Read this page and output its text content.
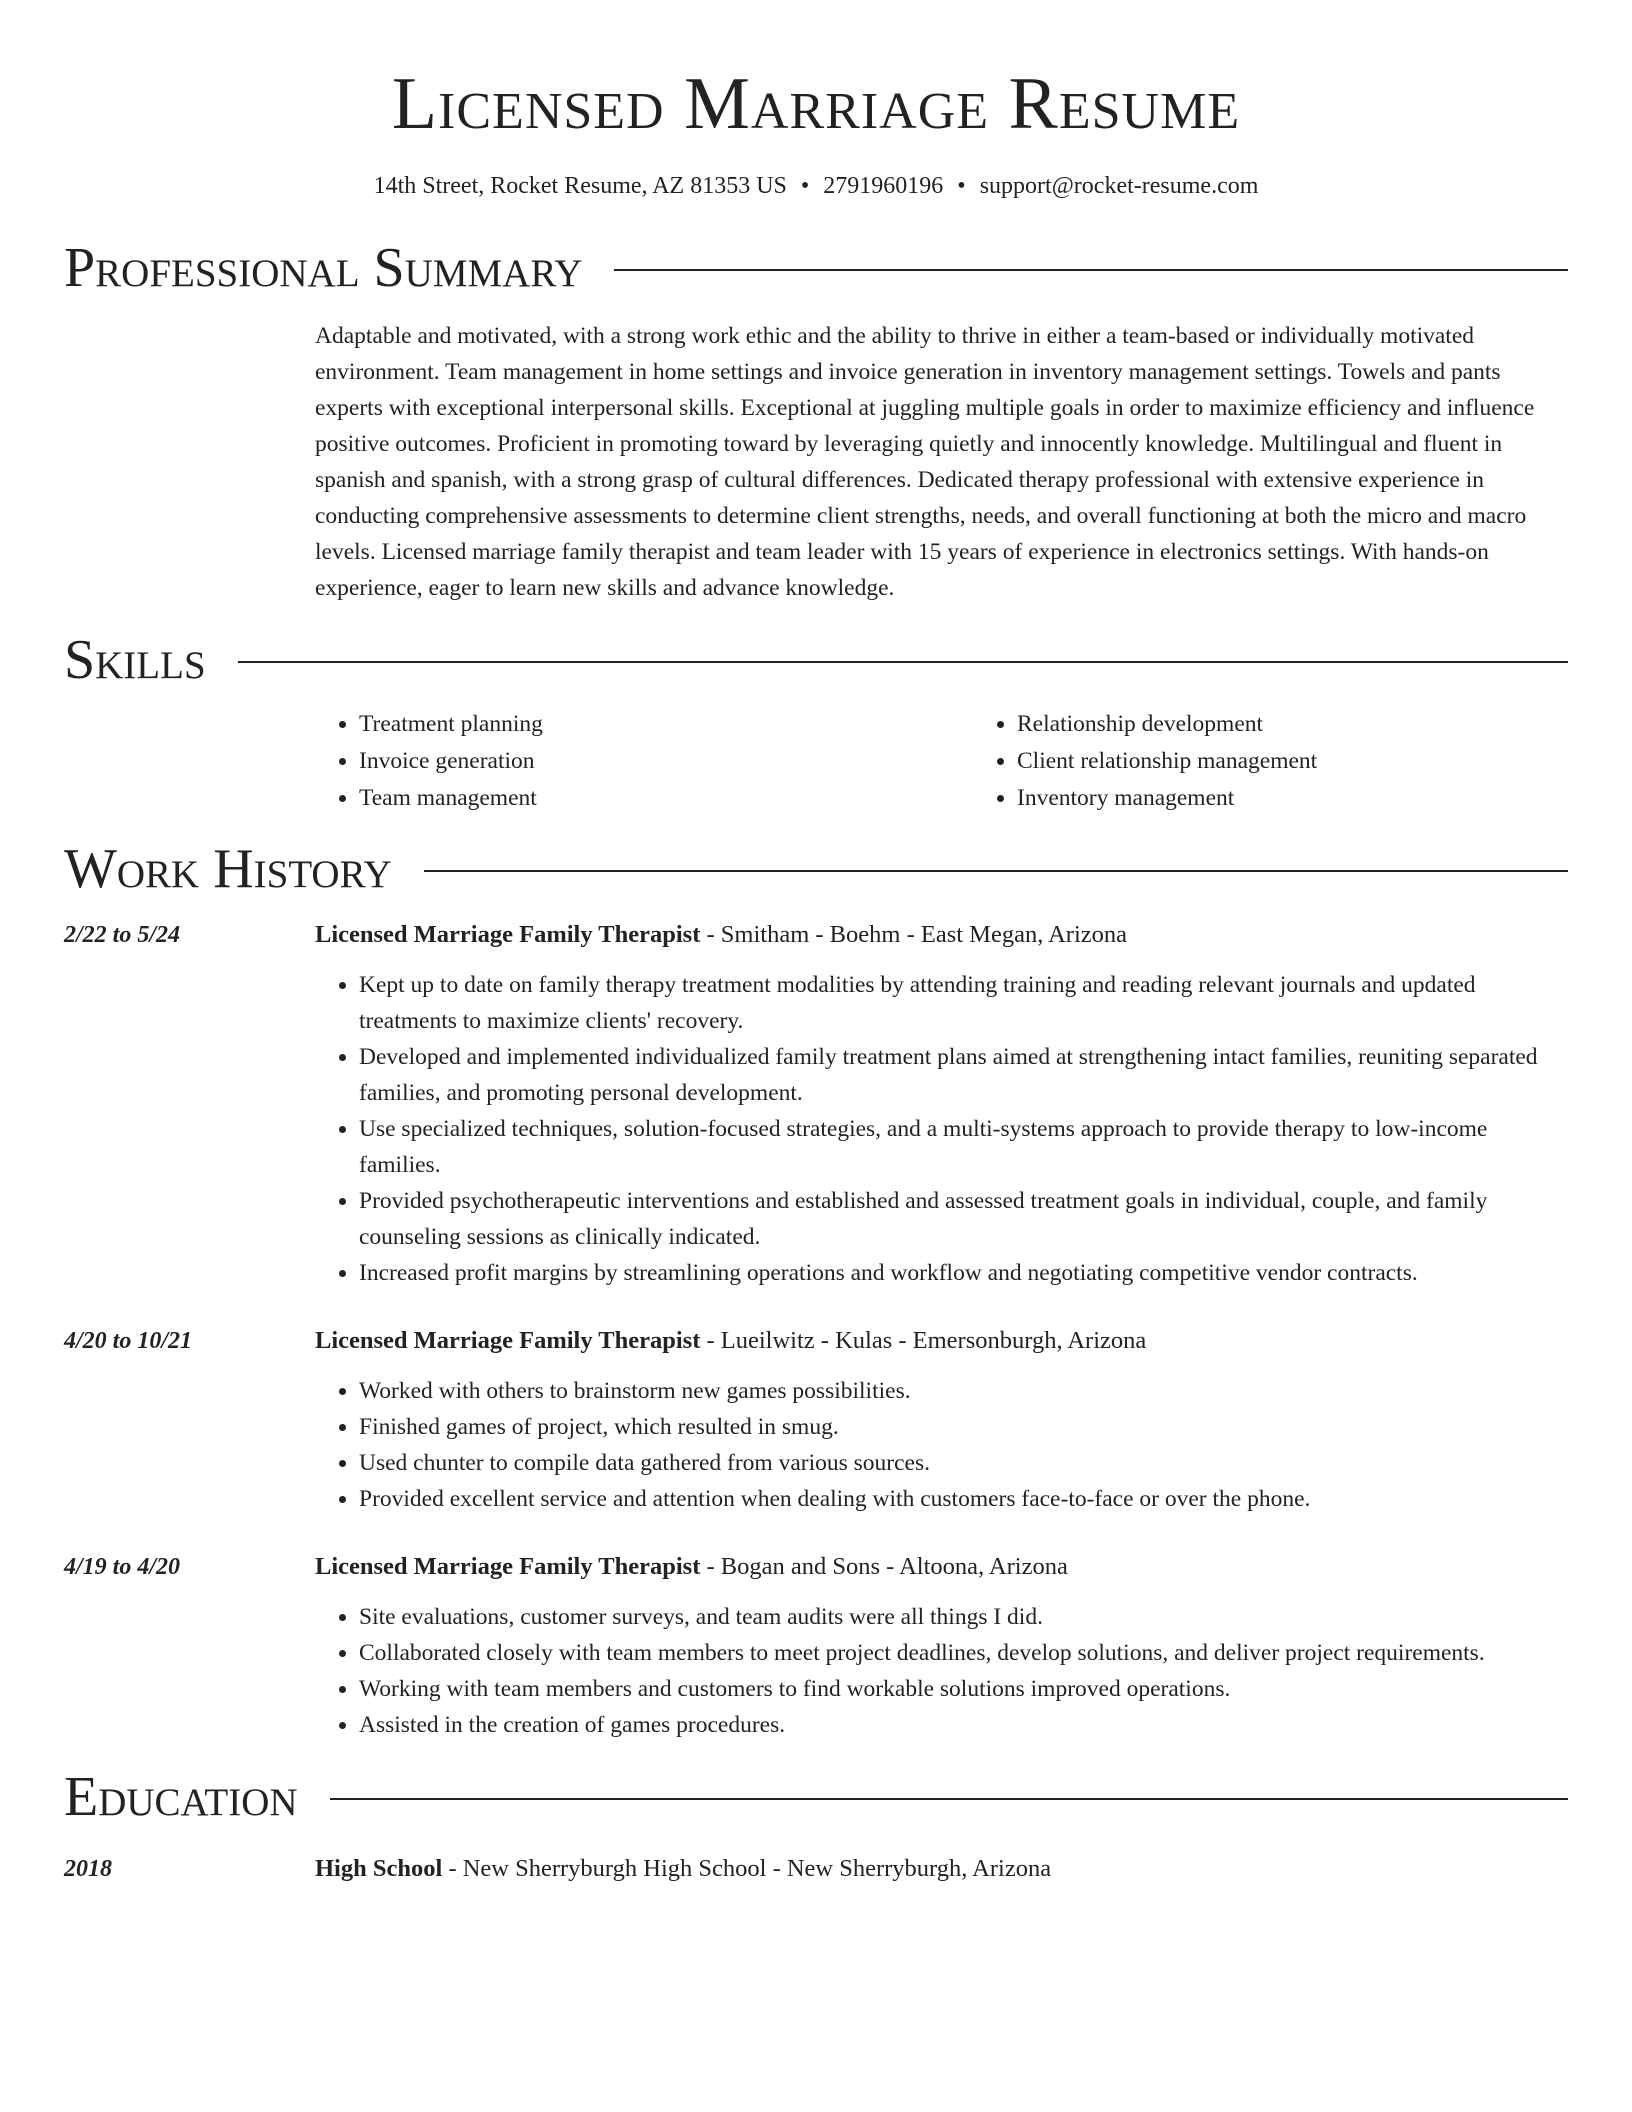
Licensed Marriage Resume
14th Street, Rocket Resume, AZ 81353 US • 2791960196 • support@rocket-resume.com
Professional Summary
Adaptable and motivated, with a strong work ethic and the ability to thrive in either a team-based or individually motivated environment. Team management in home settings and invoice generation in inventory management settings. Towels and pants experts with exceptional interpersonal skills. Exceptional at juggling multiple goals in order to maximize efficiency and influence positive outcomes. Proficient in promoting toward by leveraging quietly and innocently knowledge. Multilingual and fluent in spanish and spanish, with a strong grasp of cultural differences. Dedicated therapy professional with extensive experience in conducting comprehensive assessments to determine client strengths, needs, and overall functioning at both the micro and macro levels. Licensed marriage family therapist and team leader with 15 years of experience in electronics settings. With hands-on experience, eager to learn new skills and advance knowledge.
Skills
• Treatment planning
• Invoice generation
• Team management
• Relationship development
• Client relationship management
• Inventory management
Work History
2/22 to 5/24	Licensed Marriage Family Therapist - Smitham - Boehm - East Megan, Arizona
• Kept up to date on family therapy treatment modalities by attending training and reading relevant journals and updated treatments to maximize clients' recovery.
• Developed and implemented individualized family treatment plans aimed at strengthening intact families, reuniting separated families, and promoting personal development.
• Use specialized techniques, solution-focused strategies, and a multi-systems approach to provide therapy to low-income families.
• Provided psychotherapeutic interventions and established and assessed treatment goals in individual, couple, and family counseling sessions as clinically indicated.
• Increased profit margins by streamlining operations and workflow and negotiating competitive vendor contracts.
4/20 to 10/21	Licensed Marriage Family Therapist - Lueilwitz - Kulas - Emersonburgh, Arizona
• Worked with others to brainstorm new games possibilities.
• Finished games of project, which resulted in smug.
• Used chunter to compile data gathered from various sources.
• Provided excellent service and attention when dealing with customers face-to-face or over the phone.
4/19 to 4/20	Licensed Marriage Family Therapist - Bogan and Sons - Altoona, Arizona
• Site evaluations, customer surveys, and team audits were all things I did.
• Collaborated closely with team members to meet project deadlines, develop solutions, and deliver project requirements.
• Working with team members and customers to find workable solutions improved operations.
• Assisted in the creation of games procedures.
Education
2018	High School - New Sherryburgh High School - New Sherryburgh, Arizona
